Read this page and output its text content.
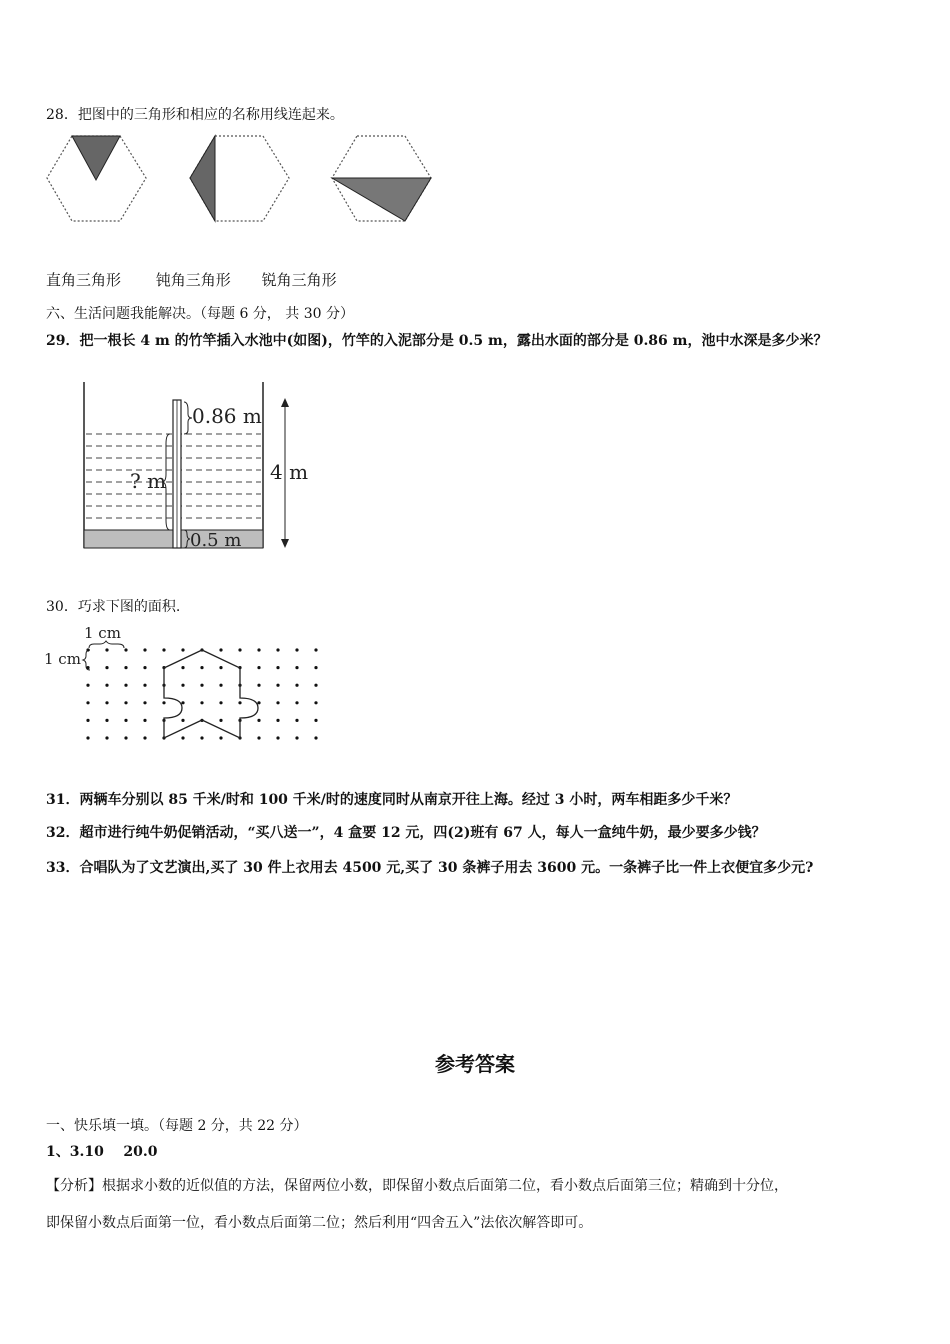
28．把图中的三角形和相应的名称用线连起来。
直角三角形 钝角三角形 锐角三角形
六、生活问题我能解决。（每题 6 分， 共 30 分）
29．把一根长 4 m 的竹竿插入水池中(如图)，竹竿的入泥部分是 0.5 m，露出水面的部分是 0.86 m，池中水深是多少米？
0.86 m
4 m
? m
0.5 m
30．巧求下图的面积.
1 cm
1 cm
31．两辆车分别以 85 千米/时和 100 千米/时的速度同时从南京开往上海。经过 3 小时，两车相距多少千米？
32．超市进行纯牛奶促销活动，“买八送一”，4 盒要 12 元，四(2)班有 67 人，每人一盒纯牛奶，最少要多少钱？
33．合唱队为了文艺演出,买了 30 件上衣用去 4500 元,买了 30 条裤子用去 3600 元。一条裤子比一件上衣便宜多少元?
参考答案
一、快乐填一填。（每题 2 分，共 22 分）
1、3.10    20.0
【分析】根据求小数的近似值的方法，保留两位小数，即保留小数点后面第二位，看小数点后面第三位；精确到十分位，
即保留小数点后面第一位，看小数点后面第二位；然后利用“四舍五入”法依次解答即可。
